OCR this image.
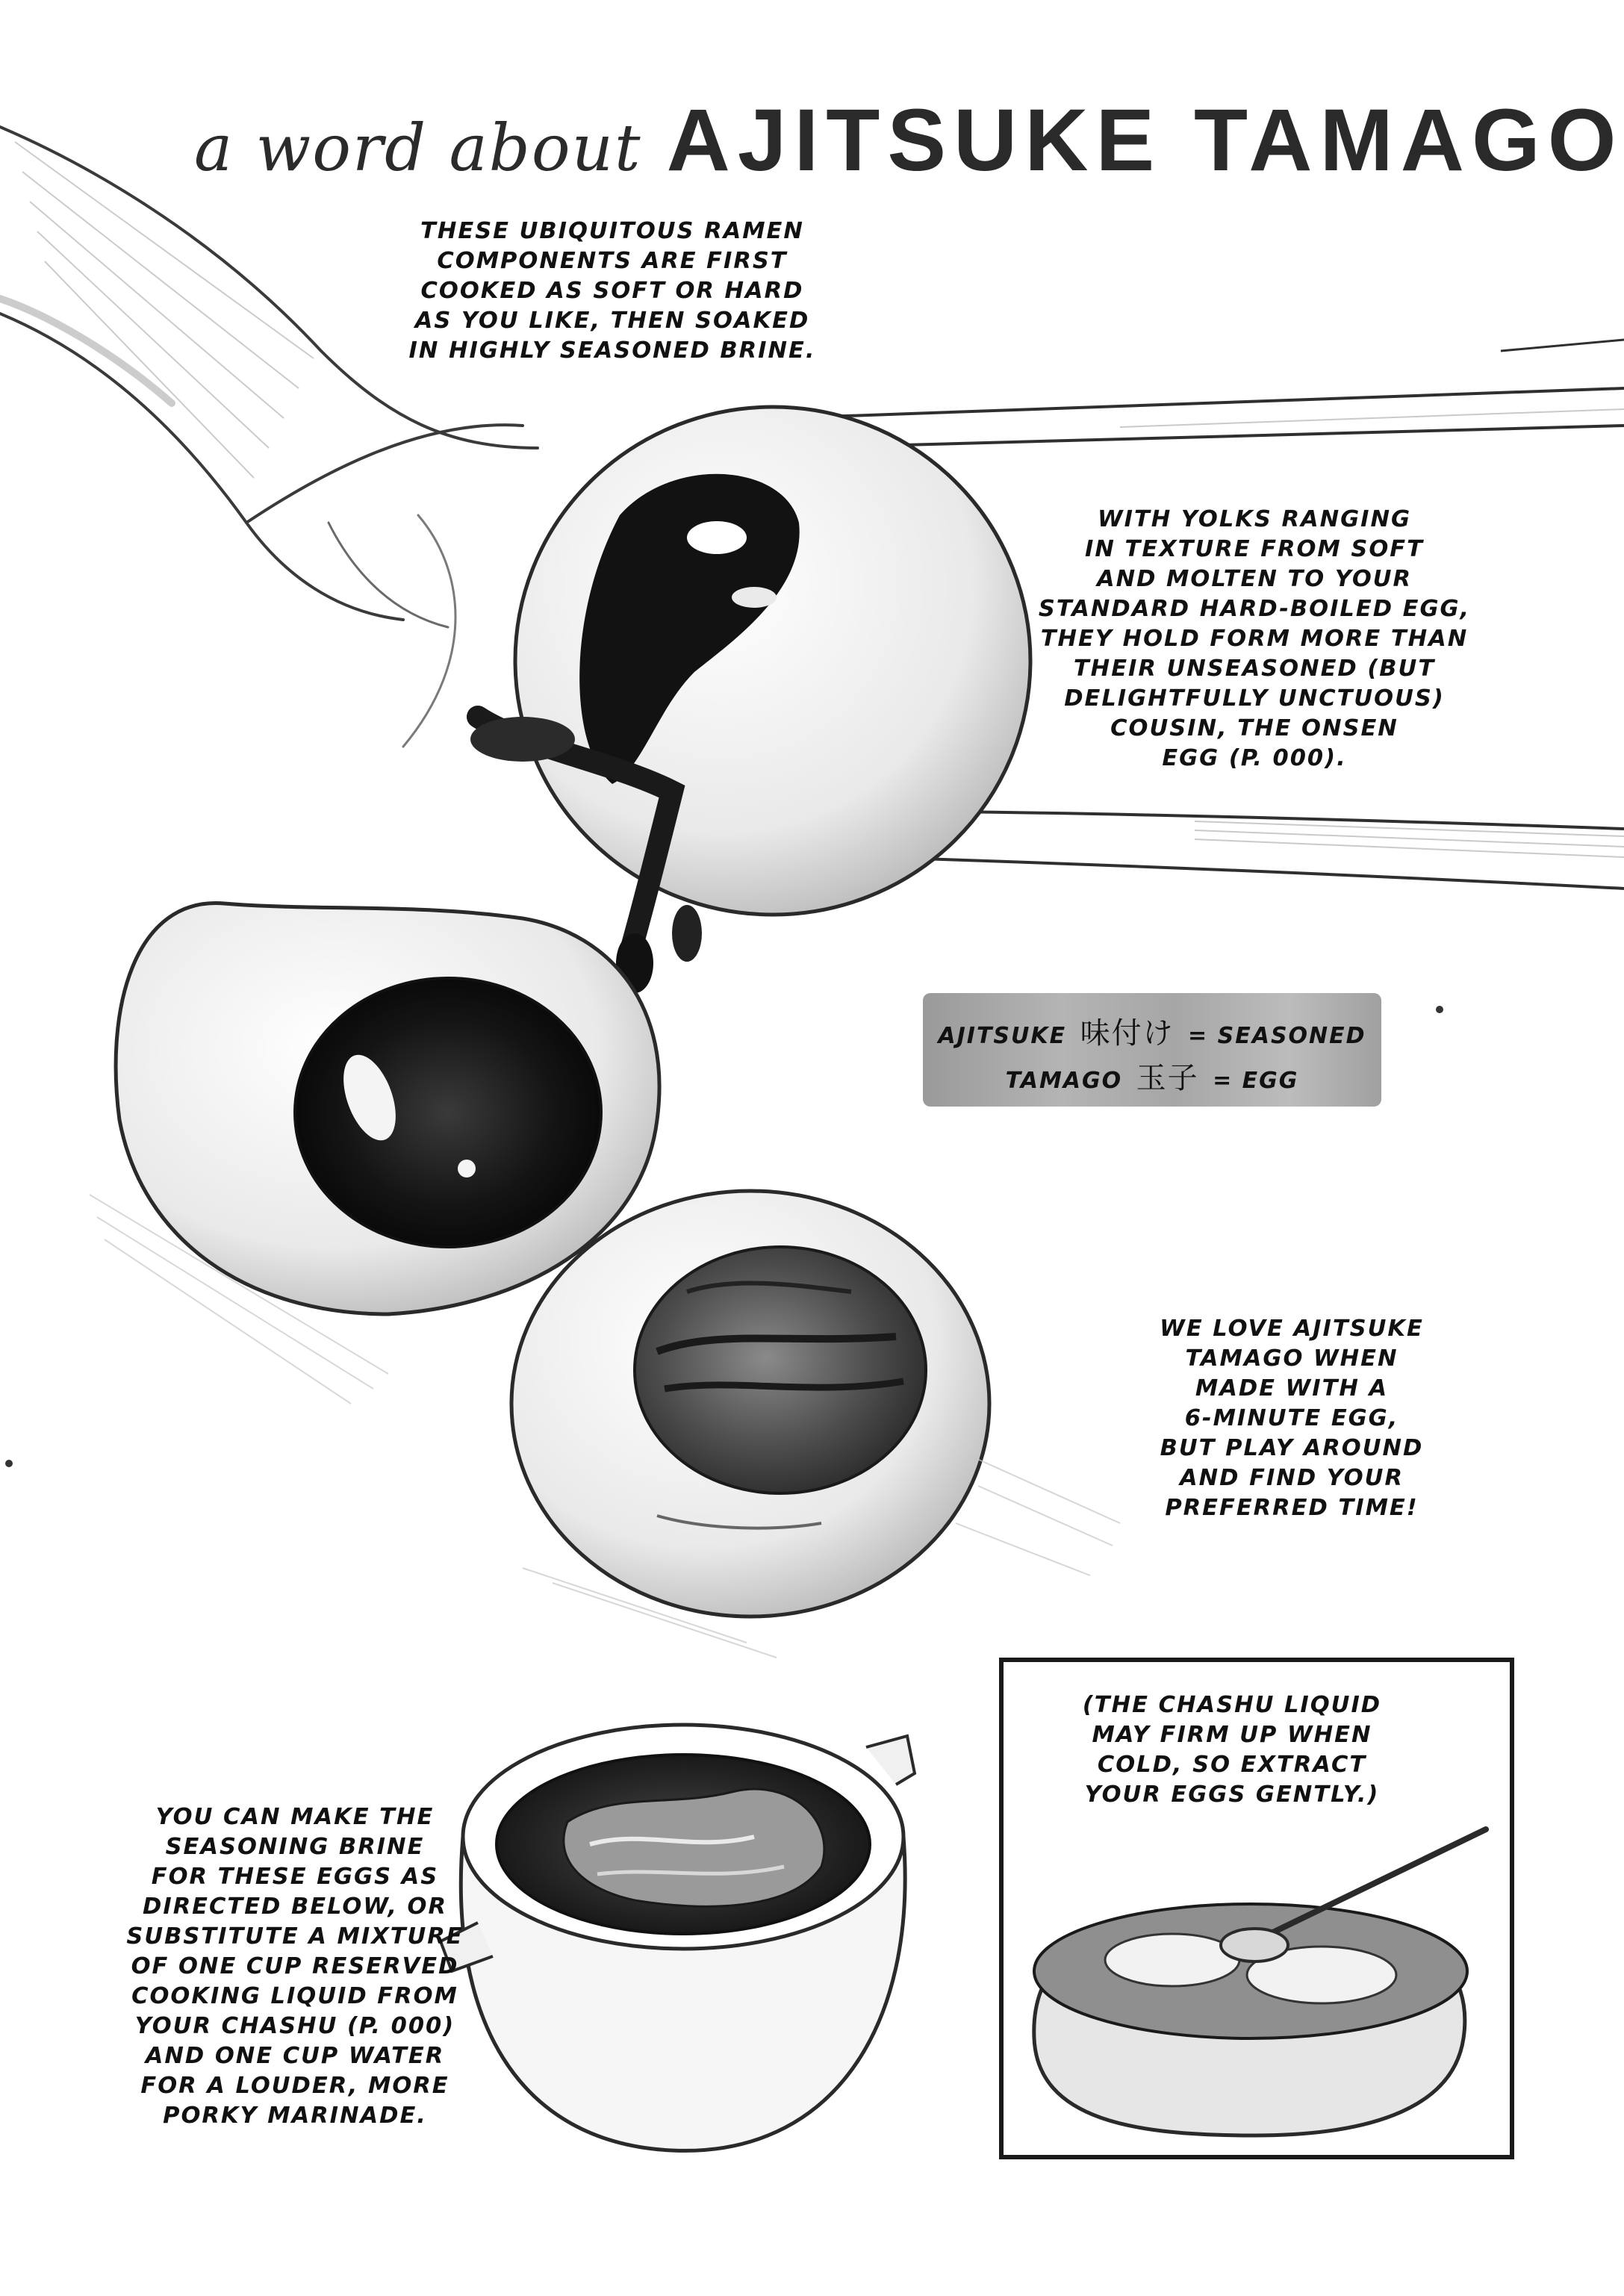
a word about AJITSUKE TAMAGO
THESE UBIQUITOUS RAMEN
COMPONENTS ARE FIRST
COOKED AS SOFT OR HARD
AS YOU LIKE, THEN SOAKED
IN HIGHLY SEASONED BRINE.
WITH YOLKS RANGING
IN TEXTURE FROM SOFT
AND MOLTEN TO YOUR
STANDARD HARD-BOILED EGG,
THEY HOLD FORM MORE THAN
THEIR UNSEASONED (BUT
DELIGHTFULLY UNCTUOUS)
COUSIN, THE ONSEN
EGG (P. 000).
AJITSUKE 味付け = SEASONED
TAMAGO 玉子 = EGG
WE LOVE AJITSUKE
TAMAGO WHEN
MADE WITH A
6-MINUTE EGG,
BUT PLAY AROUND
AND FIND YOUR
PREFERRED TIME!
YOU CAN MAKE THE
SEASONING BRINE
FOR THESE EGGS AS
DIRECTED BELOW, OR
SUBSTITUTE A MIXTURE
OF ONE CUP RESERVED
COOKING LIQUID FROM
YOUR CHASHU (P. 000)
AND ONE CUP WATER
FOR A LOUDER, MORE
PORKY MARINADE.
(THE CHASHU LIQUID
MAY FIRM UP WHEN
COLD, SO EXTRACT
YOUR EGGS GENTLY.)
